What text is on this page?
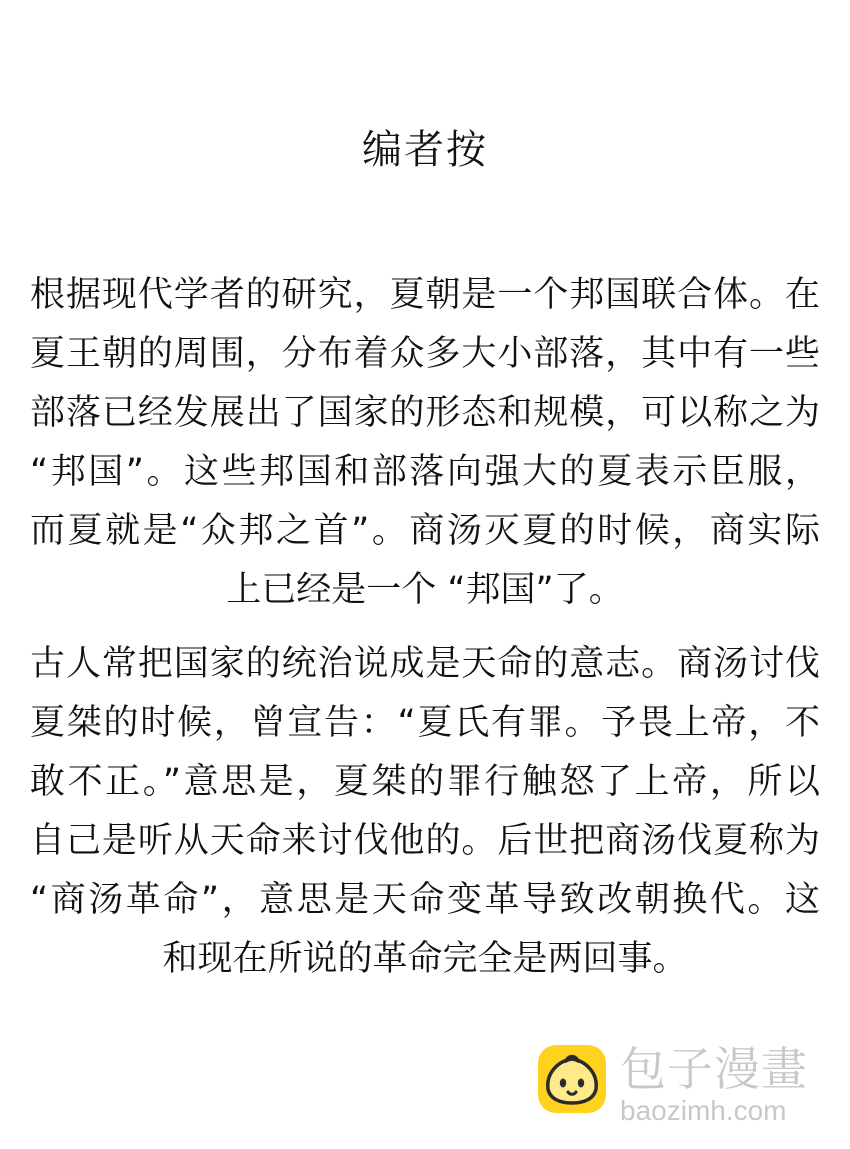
编者按
根据现代学者的研究，夏朝是一个邦国联合体。在
夏王朝的周围，分布着众多大小部落，其中有一些
部落已经发展出了国家的形态和规模，可以称之为
“邦国”。这些邦国和部落向强大的夏表示臣服，
而夏就是“众邦之首”。商汤灭夏的时候，商实际
上已经是一个 “邦国”了。
古人常把国家的统治说成是天命的意志。商汤讨伐
夏桀的时候，曾宣告：“夏氏有罪。予畏上帝，不
敢不正。”意思是，夏桀的罪行触怒了上帝，所以
自己是听从天命来讨伐他的。后世把商汤伐夏称为
“商汤革命”，意思是天命变革导致改朝换代。这
和现在所说的革命完全是两回事。
包子漫畫
baozimh.com
